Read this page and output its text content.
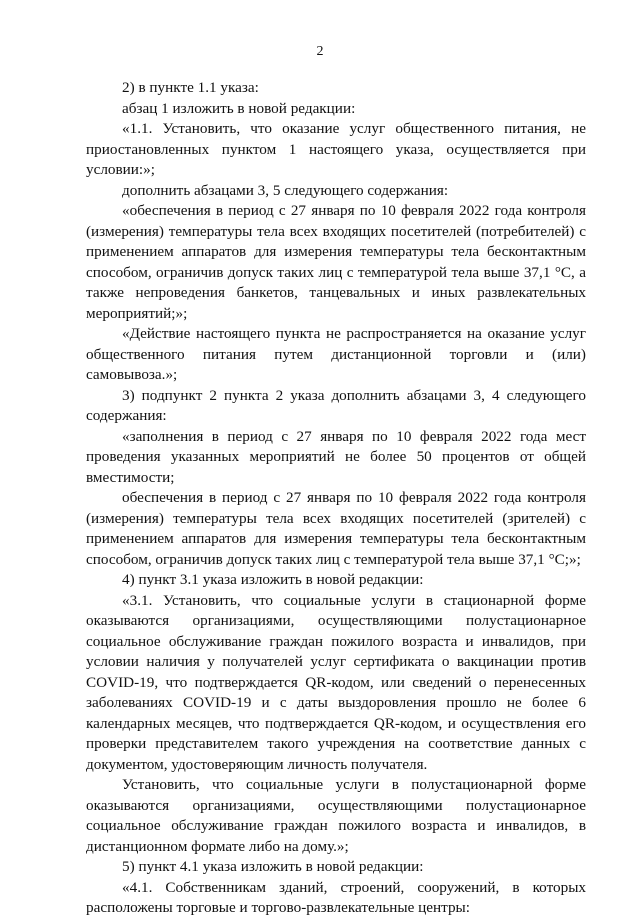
2

2) в пункте 1.1 указа:

абзац 1 изложить в новой редакции:

«1.1. Установить, что оказание услуг общественного питания, не приостановленных пунктом 1 настоящего указа, осуществляется при условии:»;

дополнить абзацами 3, 5 следующего содержания:

«обеспечения в период с 27 января по 10 февраля 2022 года контроля (измерения) температуры тела всех входящих посетителей (потребителей) с применением аппаратов для измерения температуры тела бесконтактным способом, ограничив допуск таких лиц с температурой тела выше 37,1 °С, а также непроведения банкетов, танцевальных и иных развлекательных мероприятий;»;

«Действие настоящего пункта не распространяется на оказание услуг общественного питания путем дистанционной торговли и (или) самовывоза.»;

3) подпункт 2 пункта 2 указа дополнить абзацами 3, 4 следующего содержания:

«заполнения в период с 27 января по 10 февраля 2022 года мест проведения указанных мероприятий не более 50 процентов от общей вместимости;

обеспечения в период с 27 января по 10 февраля 2022 года контроля (измерения) температуры тела всех входящих посетителей (зрителей) с применением аппаратов для измерения температуры тела бесконтактным способом, ограничив допуск таких лиц с температурой тела выше 37,1 °С;»;

4) пункт 3.1 указа изложить в новой редакции:

«3.1. Установить, что социальные услуги в стационарной форме оказываются организациями, осуществляющими полустационарное социальное обслуживание граждан пожилого возраста и инвалидов, при условии наличия у получателей услуг сертификата о вакцинации против COVID-19, что подтверждается QR-кодом, или сведений о перенесенных заболеваниях COVID-19 и с даты выздоровления прошло не более 6 календарных месяцев, что подтверждается QR-кодом, и осуществления его проверки представителем такого учреждения на соответствие данных с документом, удостоверяющим личность получателя.

Установить, что социальные услуги в полустационарной форме оказываются организациями, осуществляющими полустационарное социальное обслуживание граждан пожилого возраста и инвалидов, в дистанционном формате либо на дому.»;

5) пункт 4.1 указа изложить в новой редакции:

«4.1. Собственникам зданий, строений, сооружений, в которых расположены торговые и торгово-развлекательные центры:
